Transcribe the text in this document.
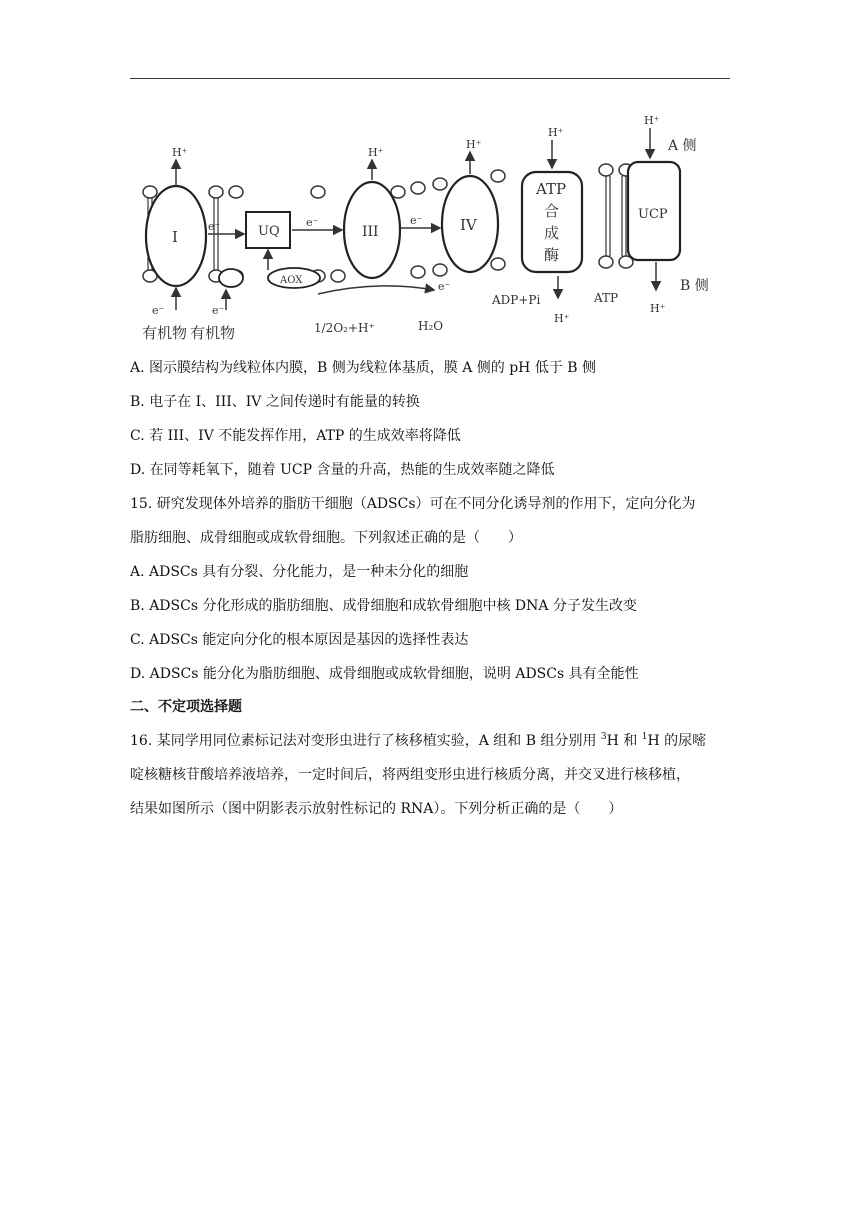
I	UQ
AOX
III	IV
ATP 合 成 酶
UCP
H⁺	H⁺
H⁺
H⁺
H⁺
H⁺
H⁺
e⁻	e⁻	e⁻
e⁻
e⁻	e⁻
A 侧
B 侧
有机物 有机物	1/2O₂+H⁺	H₂O
ADP+Pi	ATP
A. 图示膜结构为线粒体内膜，B 侧为线粒体基质，膜 A 侧的 pH 低于 B 侧
B. 电子在 I、III、IV 之间传递时有能量的转换
C. 若 III、IV 不能发挥作用，ATP 的生成效率将降低
D. 在同等耗氧下，随着 UCP 含量的升高，热能的生成效率随之降低
15. 研究发现体外培养的脂肪干细胞（ADSCs）可在不同分化诱导剂的作用下，定向分化为
脂肪细胞、成骨细胞或成软骨细胞。下列叙述正确的是（　　）
A. ADSCs 具有分裂、分化能力，是一种未分化的细胞
B. ADSCs 分化形成的脂肪细胞、成骨细胞和成软骨细胞中核 DNA 分子发生改变
C. ADSCs 能定向分化的根本原因是基因的选择性表达
D. ADSCs 能分化为脂肪细胞、成骨细胞或成软骨细胞，说明 ADSCs 具有全能性
二、不定项选择题
16. 某同学用同位素标记法对变形虫进行了核移植实验，A 组和 B 组分别用 $^3$H 和 $^1$H 的尿嘧
啶核糖核苷酸培养液培养，一定时间后，将两组变形虫进行核质分离，并交叉进行核移植，
结果如图所示（图中阴影表示放射性标记的 RNA）。下列分析正确的是（　　）
